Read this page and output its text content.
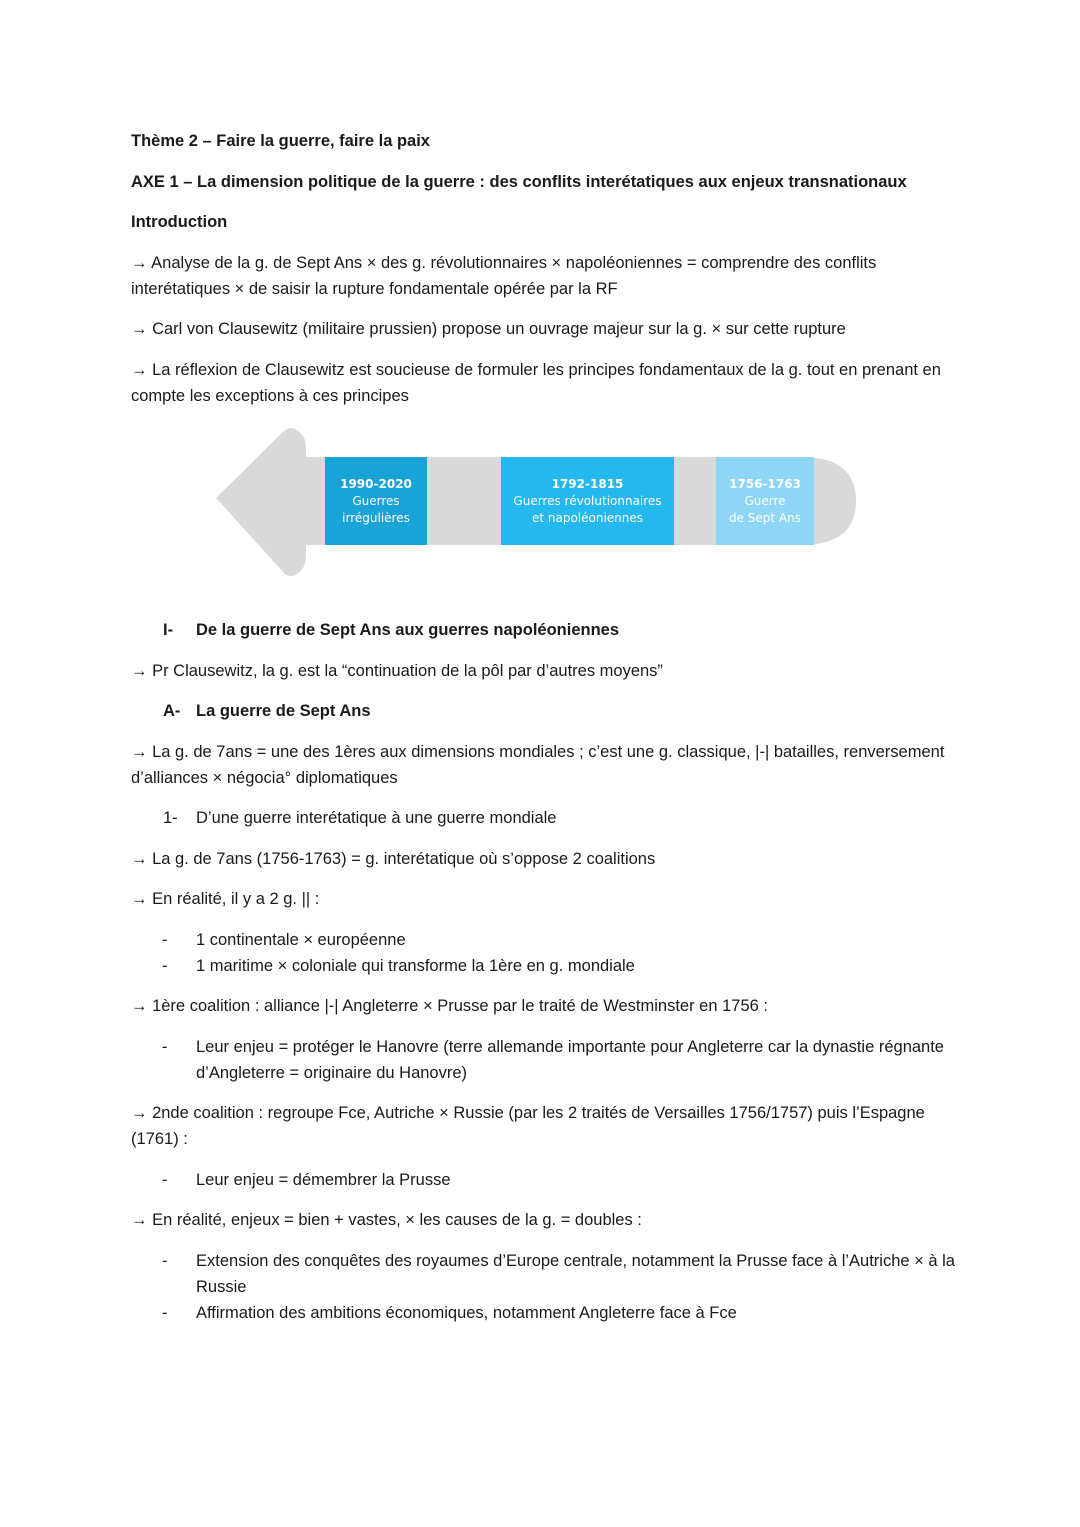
Thème 2 – Faire la guerre, faire la paix

AXE 1 – La dimension politique de la guerre : des conflits interétatiques aux enjeux transnationaux

Introduction

→ Analyse de la g. de Sept Ans × des g. révolutionnaires × napoléoniennes = comprendre des conflits interétatiques × de saisir la rupture fondamentale opérée par la RF

→ Carl von Clausewitz (militaire prussien) propose un ouvrage majeur sur la g. × sur cette rupture

→ La réflexion de Clausewitz est soucieuse de formuler les principes fondamentaux de la g. tout en prenant en compte les exceptions à ces principes

1990-2020
Guerres
irrégulières
1792-1815
Guerres révolutionnaires
et napoléoniennes
1756-1763
Guerre
de Sept Ans
I-	De la guerre de Sept Ans aux guerres napoléoniennes

→ Pr Clausewitz, la g. est la “continuation de la pôl par d’autres moyens”

A- La guerre de Sept Ans

→ La g. de 7ans = une des 1ères aux dimensions mondiales ; c’est une g. classique, |-| batailles, renversement d’alliances × négocia° diplomatiques

1-	D’une guerre interétatique à une guerre mondiale

→ La g. de 7ans (1756-1763) = g. interétatique où s’oppose 2 coalitions

→ En réalité, il y a 2 g. || :

-	1 continentale × européenne
-	1 maritime × coloniale qui transforme la 1ère en g. mondiale

→ 1ère coalition : alliance |-| Angleterre × Prusse par le traité de Westminster en 1756 :

-	Leur enjeu = protéger le Hanovre (terre allemande importante pour Angleterre car la dynastie régnante d’Angleterre = originaire du Hanovre)

→ 2nde coalition : regroupe Fce, Autriche × Russie (par les 2 traités de Versailles 1756/1757) puis l’Espagne (1761) :

-	Leur enjeu = démembrer la Prusse

→ En réalité, enjeux = bien + vastes, × les causes de la g. = doubles :

-	Extension des conquêtes des royaumes d’Europe centrale, notamment la Prusse face à l’Autriche × à la Russie
-	Affirmation des ambitions économiques, notamment Angleterre face à Fce
